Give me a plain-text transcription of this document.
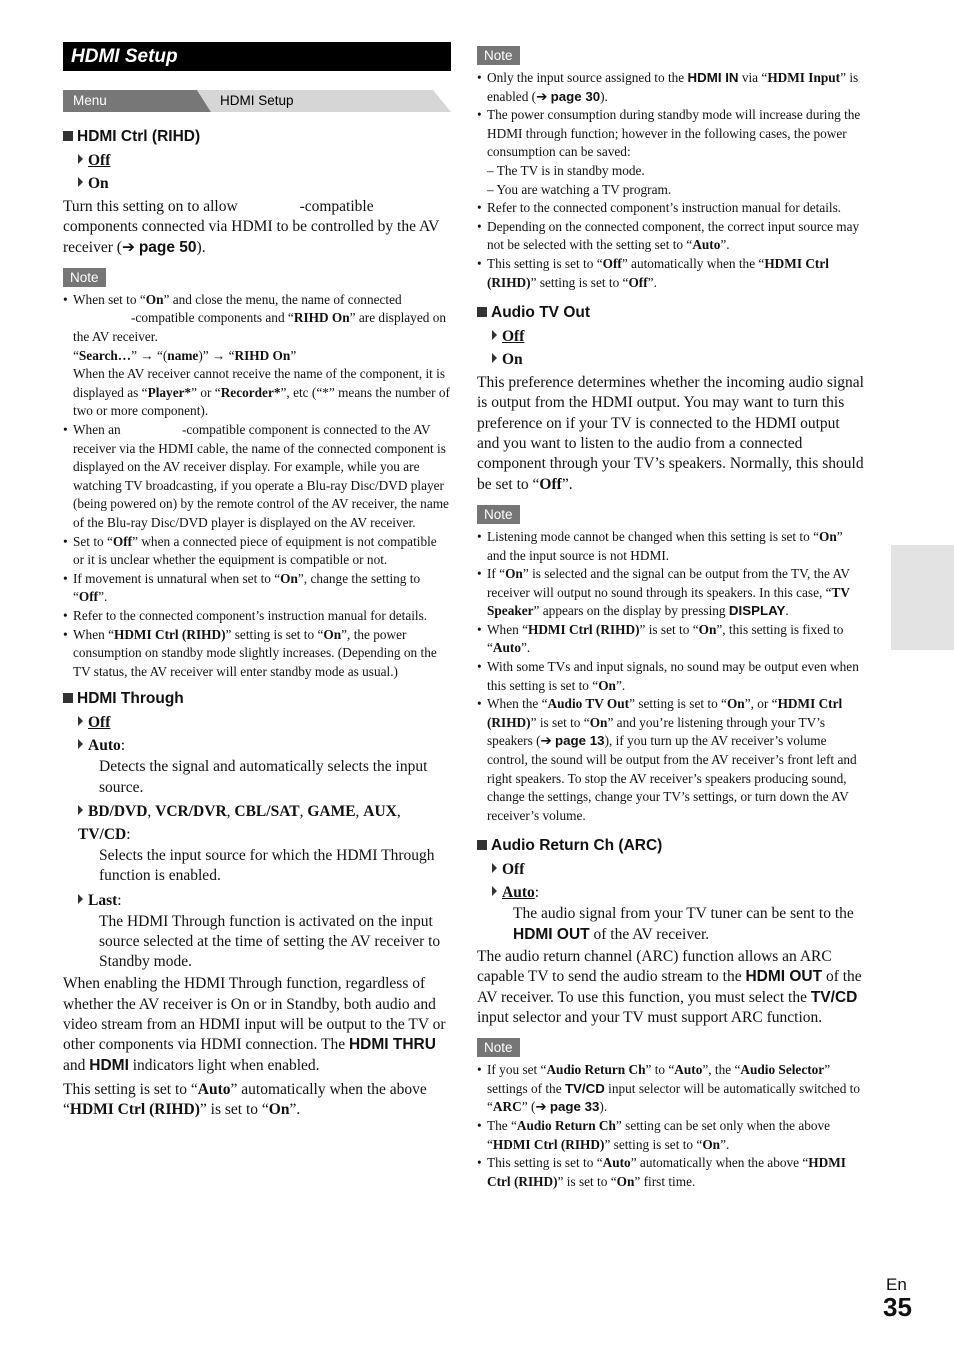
HDMI Setup
Menu	HDMI Setup
HDMI Ctrl (RIHD)
Off
On
Turn this setting on to allow	-compatible components connected via HDMI to be controlled by the AV receiver (➔ page 50).
Note
• When set to “On” and close the menu, the name of connected
-compatible components and “RIHD On” are displayed on the AV receiver.
“Search…” → “(name)” → “RIHD On”
When the AV receiver cannot receive the name of the component, it is displayed as “Player*” or “Recorder*”, etc (“*” means the number of two or more component).
• When an	-compatible component is connected to the AV receiver via the HDMI cable, the name of the connected component is displayed on the AV receiver display. For example, while you are watching TV broadcasting, if you operate a Blu-ray Disc/DVD player (being powered on) by the remote control of the AV receiver, the name of the Blu-ray Disc/DVD player is displayed on the AV receiver.
• Set to “Off” when a connected piece of equipment is not compatible or it is unclear whether the equipment is compatible or not.
• If movement is unnatural when set to “On”, change the setting to “Off”.
• Refer to the connected component’s instruction manual for details.
• When “HDMI Ctrl (RIHD)” setting is set to “On”, the power consumption on standby mode slightly increases. (Depending on the TV status, the AV receiver will enter standby mode as usual.)
HDMI Through
Off
Auto:
Detects the signal and automatically selects the input source.
BD/DVD, VCR/DVR, CBL/SAT, GAME, AUX, TV/CD:
Selects the input source for which the HDMI Through function is enabled.
Last:
The HDMI Through function is activated on the input source selected at the time of setting the AV receiver to Standby mode.
When enabling the HDMI Through function, regardless of whether the AV receiver is On or in Standby, both audio and video stream from an HDMI input will be output to the TV or other components via HDMI connection. The HDMI THRU and HDMI indicators light when enabled.
This setting is set to “Auto” automatically when the above “HDMI Ctrl (RIHD)” is set to “On”.
Note
• Only the input source assigned to the HDMI IN via “HDMI Input” is enabled (➔ page 30).
• The power consumption during standby mode will increase during the HDMI through function; however in the following cases, the power consumption can be saved:
– The TV is in standby mode.
– You are watching a TV program.
• Refer to the connected component’s instruction manual for details.
• Depending on the connected component, the correct input source may not be selected with the setting set to “Auto”.
• This setting is set to “Off” automatically when the “HDMI Ctrl (RIHD)” setting is set to “Off”.
Audio TV Out
Off
On
This preference determines whether the incoming audio signal is output from the HDMI output. You may want to turn this preference on if your TV is connected to the HDMI output and you want to listen to the audio from a connected component through your TV’s speakers. Normally, this should be set to “Off”.
Note
• Listening mode cannot be changed when this setting is set to “On” and the input source is not HDMI.
• If “On” is selected and the signal can be output from the TV, the AV receiver will output no sound through its speakers. In this case, “TV Speaker” appears on the display by pressing DISPLAY.
• When “HDMI Ctrl (RIHD)” is set to “On”, this setting is fixed to “Auto”.
• With some TVs and input signals, no sound may be output even when this setting is set to “On”.
• When the “Audio TV Out” setting is set to “On”, or “HDMI Ctrl (RIHD)” is set to “On” and you’re listening through your TV’s speakers (➔ page 13), if you turn up the AV receiver’s volume control, the sound will be output from the AV receiver’s front left and right speakers. To stop the AV receiver’s speakers producing sound, change the settings, change your TV’s settings, or turn down the AV receiver’s volume.
Audio Return Ch (ARC)
Off
Auto:
The audio signal from your TV tuner can be sent to the HDMI OUT of the AV receiver.
The audio return channel (ARC) function allows an ARC capable TV to send the audio stream to the HDMI OUT of the AV receiver. To use this function, you must select the TV/CD input selector and your TV must support ARC function.
Note
• If you set “Audio Return Ch” to “Auto”, the “Audio Selector” settings of the TV/CD input selector will be automatically switched to “ARC” (➔ page 33).
• The “Audio Return Ch” setting can be set only when the above “HDMI Ctrl (RIHD)” setting is set to “On”.
• This setting is set to “Auto” automatically when the above “HDMI Ctrl (RIHD)” is set to “On” first time.
En
35
